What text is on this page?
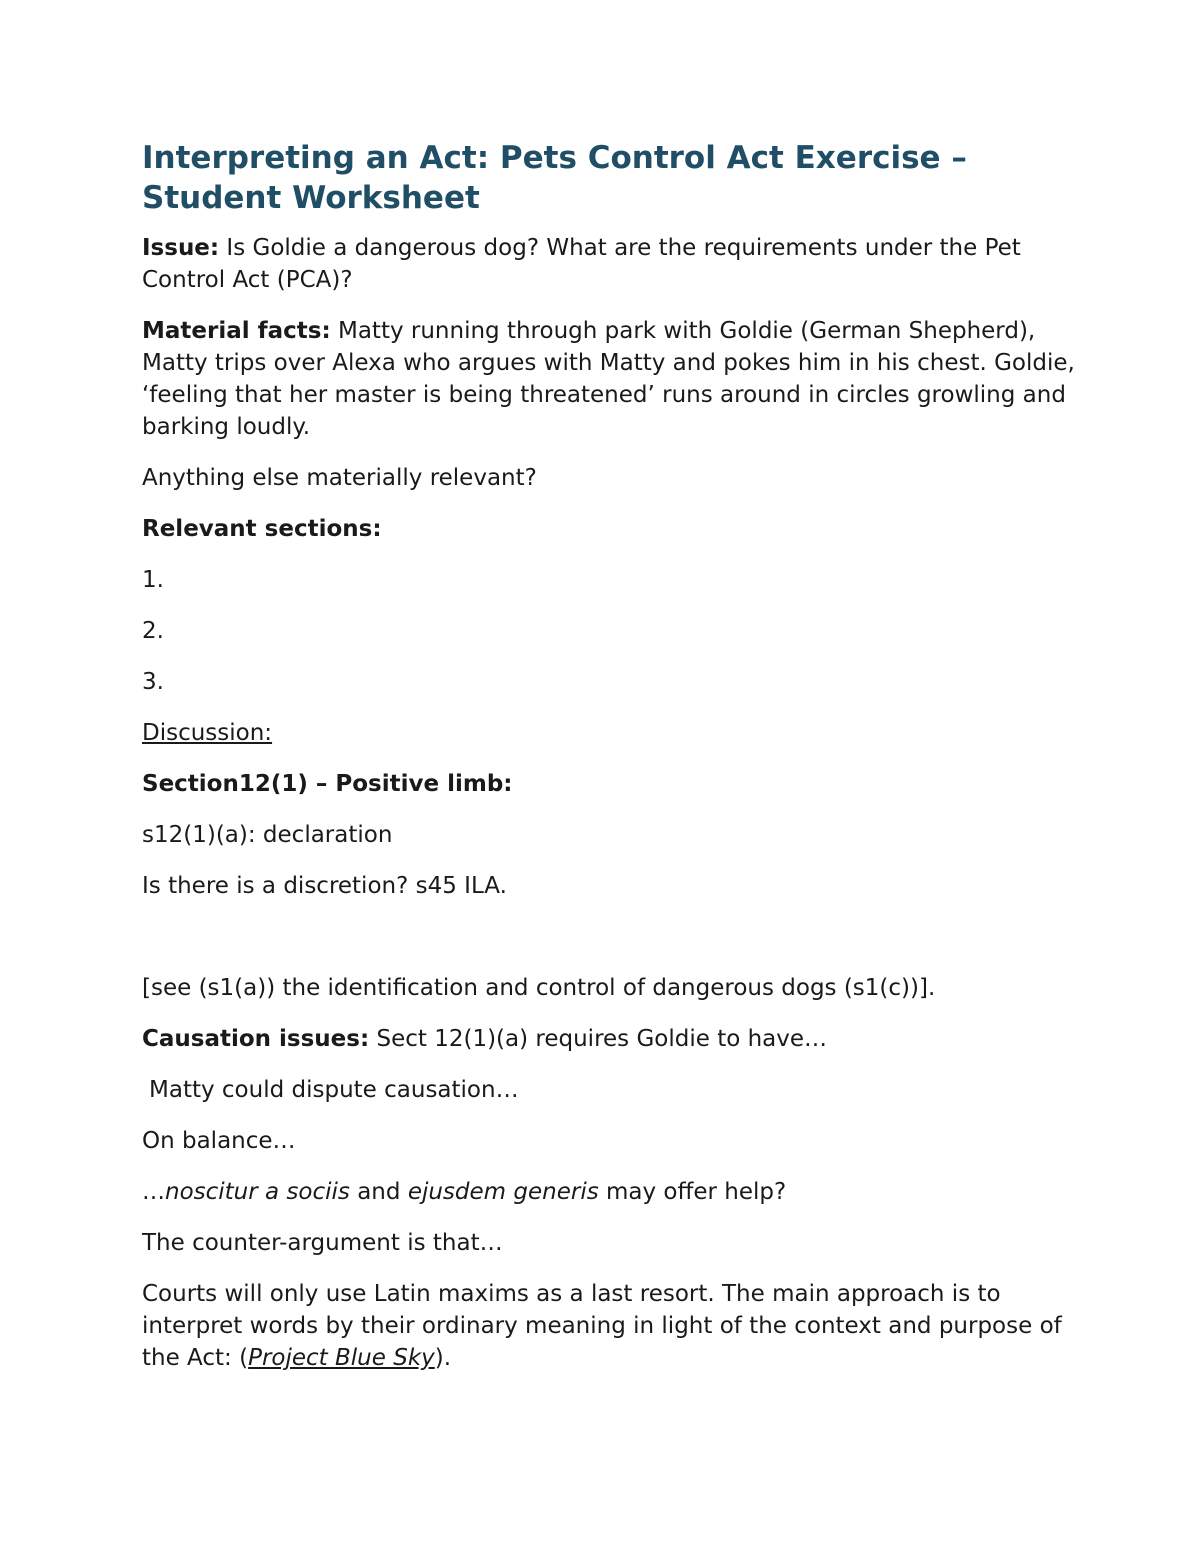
Interpreting an Act: Pets Control Act Exercise –
Student Worksheet

Issue: Is Goldie a dangerous dog? What are the requirements under the Pet Control Act (PCA)?

Material facts: Matty running through park with Goldie (German Shepherd), Matty trips over Alexa who argues with Matty and pokes him in his chest. Goldie, ‘feeling that her master is being threatened’ runs around in circles growling and barking loudly.

Anything else materially relevant?

Relevant sections:

1.

2.

3.

Discussion:

Section12(1) – Positive limb:

s12(1)(a): declaration

Is there is a discretion? s45 ILA.

[see (s1(a)) the identification and control of dangerous dogs (s1(c))].

Causation issues: Sect 12(1)(a) requires Goldie to have…

Matty could dispute causation…

On balance…

…noscitur a sociis and ejusdem generis may offer help?

The counter-argument is that…

Courts will only use Latin maxims as a last resort. The main approach is to interpret words by their ordinary meaning in light of the context and purpose of the Act: (Project Blue Sky).
